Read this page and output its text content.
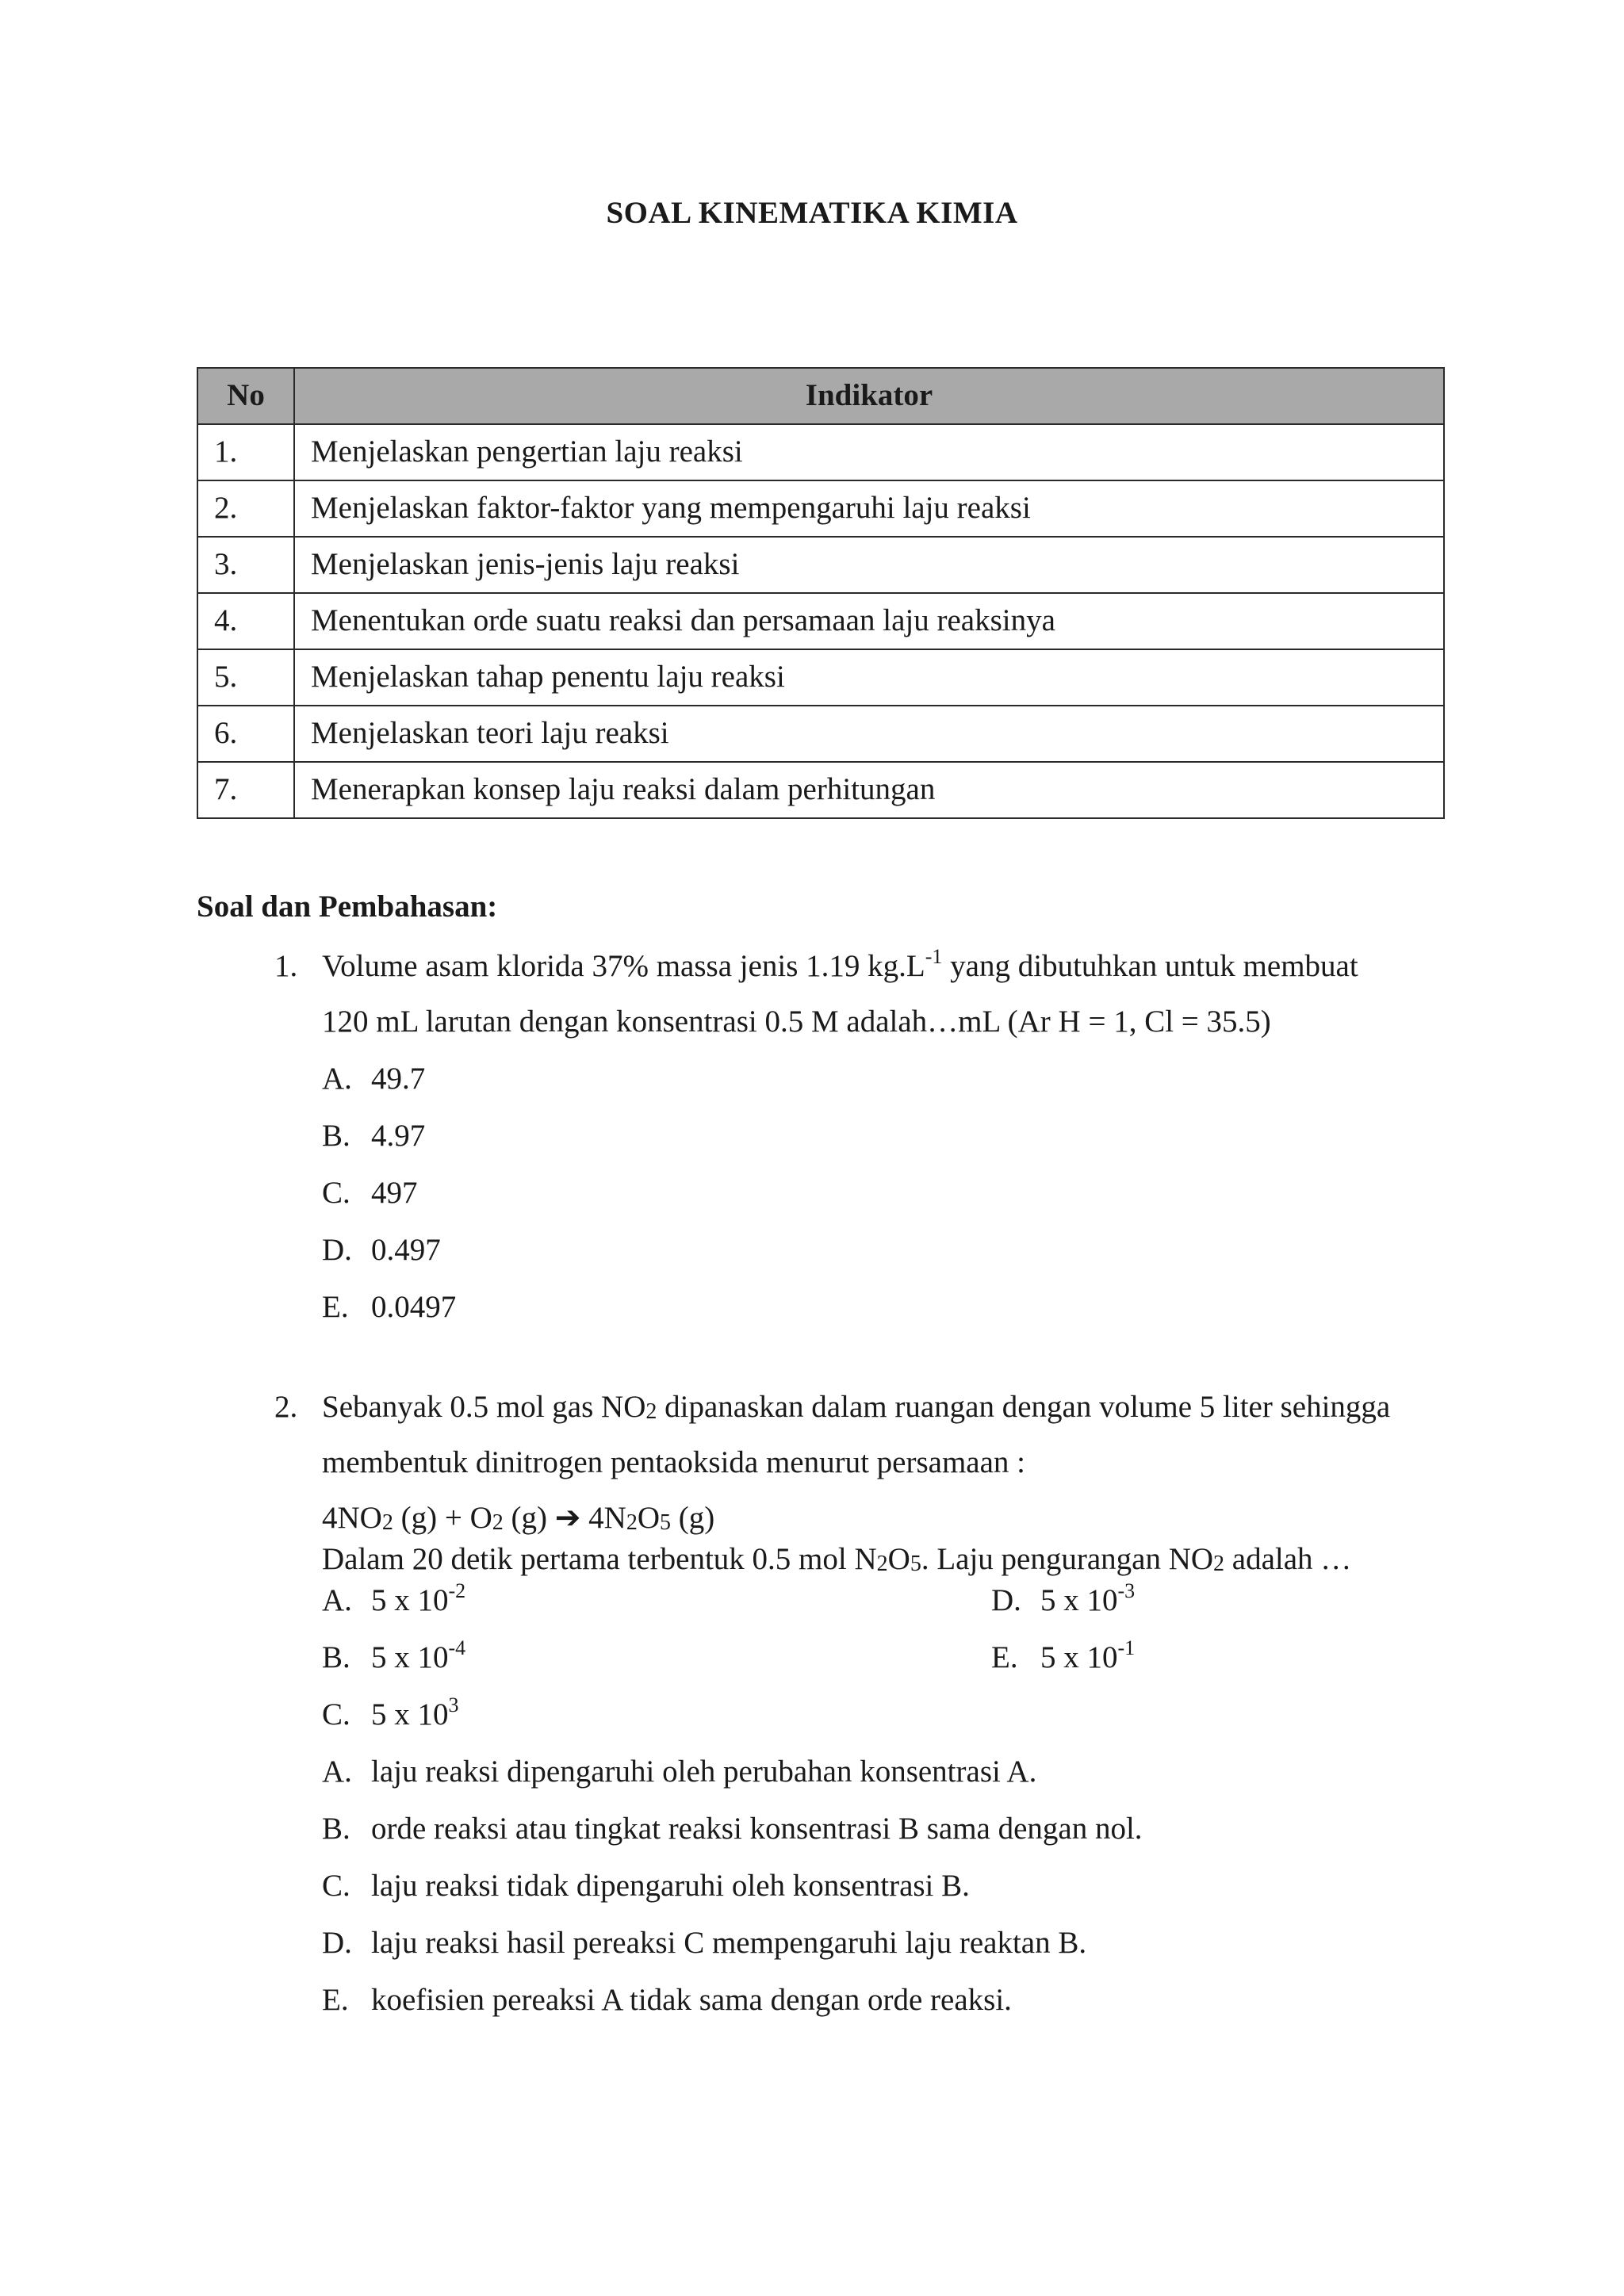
SOAL KINEMATIKA KIMIA
No	Indikator
1.	Menjelaskan pengertian laju reaksi
2.	Menjelaskan faktor-faktor yang mempengaruhi laju reaksi
3.	Menjelaskan jenis-jenis laju reaksi
4.	Menentukan orde suatu reaksi dan persamaan laju reaksinya
5.	Menjelaskan tahap penentu laju reaksi
6.	Menjelaskan teori laju reaksi
7.	Menerapkan konsep laju reaksi dalam perhitungan
Soal dan Pembahasan:
1. Volume asam klorida 37% massa jenis 1.19 $kg.L^{-1}$ yang dibutuhkan untuk membuat
120 mL larutan dengan konsentrasi 0.5 M adalah…mL (Ar H = 1, Cl = 35.5)
A. 49.7
B. 4.97
C. 497
D. 0.497
E. 0.0497
2. Sebanyak 0.5 mol gas NO2 dipanaskan dalam ruangan dengan volume 5 liter sehingga
membentuk dinitrogen pentaoksida menurut persamaan :
4NO2 (g) + O2 (g) ➔ 4N2O5 (g)
Dalam 20 detik pertama terbentuk 0.5 mol N2O5. Laju pengurangan NO2 adalah …
A. 5 x $10^{-2}$	D. 5 x $10^{-3}$
B. 5 x $10^{-4}$	E. 5 x $10^{-1}$
C. 5 x $10^3$
A. laju reaksi dipengaruhi oleh perubahan konsentrasi A.
B. orde reaksi atau tingkat reaksi konsentrasi B sama dengan nol.
C. laju reaksi tidak dipengaruhi oleh konsentrasi B.
D. laju reaksi hasil pereaksi C mempengaruhi laju reaktan B.
E. koefisien pereaksi A tidak sama dengan orde reaksi.
